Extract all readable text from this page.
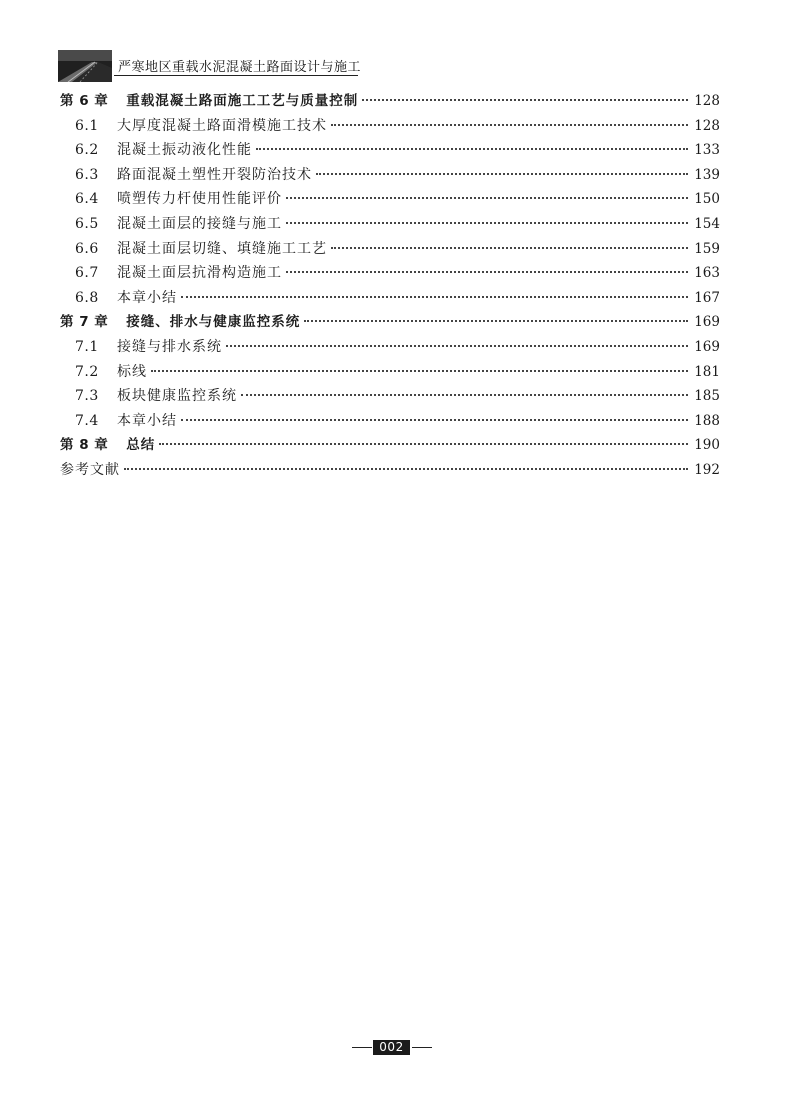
严寒地区重载水泥混凝土路面设计与施工
第 6 章 重载混凝土路面施工工艺与质量控制	128
6.1	大厚度混凝土路面滑模施工技术	128
6.2	混凝土振动液化性能	133
6.3	路面混凝土塑性开裂防治技术	139
6.4	喷塑传力杆使用性能评价	150
6.5	混凝土面层的接缝与施工	154
6.6	混凝土面层切缝、填缝施工工艺	159
6.7	混凝土面层抗滑构造施工	163
6.8	本章小结	167
第 7 章 接缝、排水与健康监控系统	169
7.1	接缝与排水系统	169
7.2	标线	181
7.3	板块健康监控系统	185
7.4	本章小结	188
第 8 章 总结	190
参考文献	192
002
